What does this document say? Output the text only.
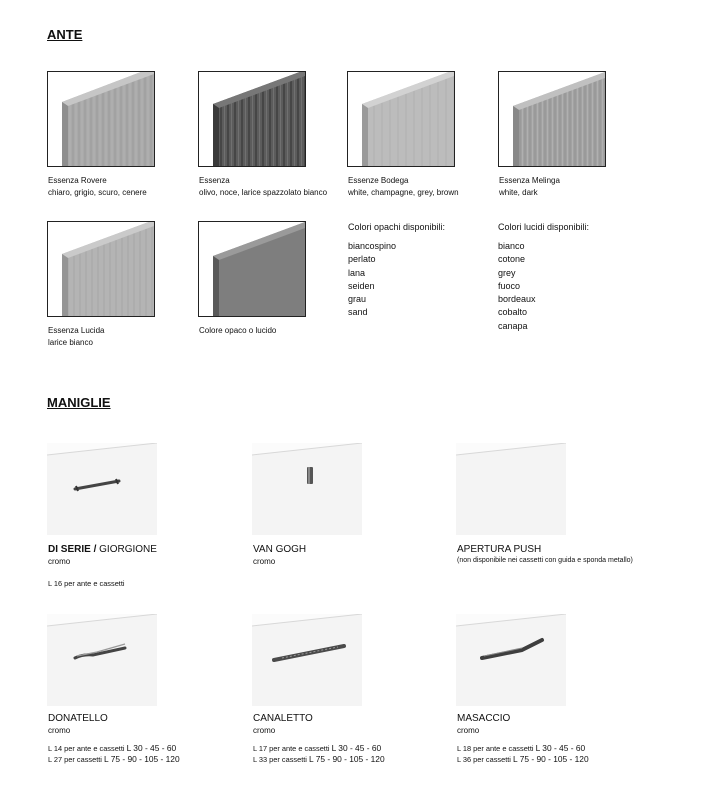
ANTE
Essenza Rovere
chiaro, grigio, scuro, cenere
Essenza
olivo, noce, larice spazzolato bianco
Essenze Bodega
white, champagne, grey, brown
Essenza Melinga
white, dark
Essenza Lucida
larice bianco
Colore opaco o lucido
Colori opachi disponibili:
biancospino
perlato
lana
seiden
grau
sand
Colori lucidi disponibili:
bianco
cotone
grey
fuoco
bordeaux
cobalto
canapa
MANIGLIE
DI SERIE / GIORGIONE
cromo
L 16 per ante e cassetti
VAN GOGH
cromo
APERTURA PUSH
(non disponibile nei cassetti con guida e sponda metallo)
DONATELLO
cromo
L 14 per ante e cassetti L 30 - 45 - 60
L 27 per cassetti L 75 - 90 - 105 - 120
CANALETTO
cromo
L 17 per ante e cassetti L 30 - 45 - 60
L 33 per cassetti L 75 - 90 - 105 - 120
MASACCIO
cromo
L 18 per ante e cassetti L 30 - 45 - 60
L 36 per cassetti L 75 - 90 - 105 - 120
